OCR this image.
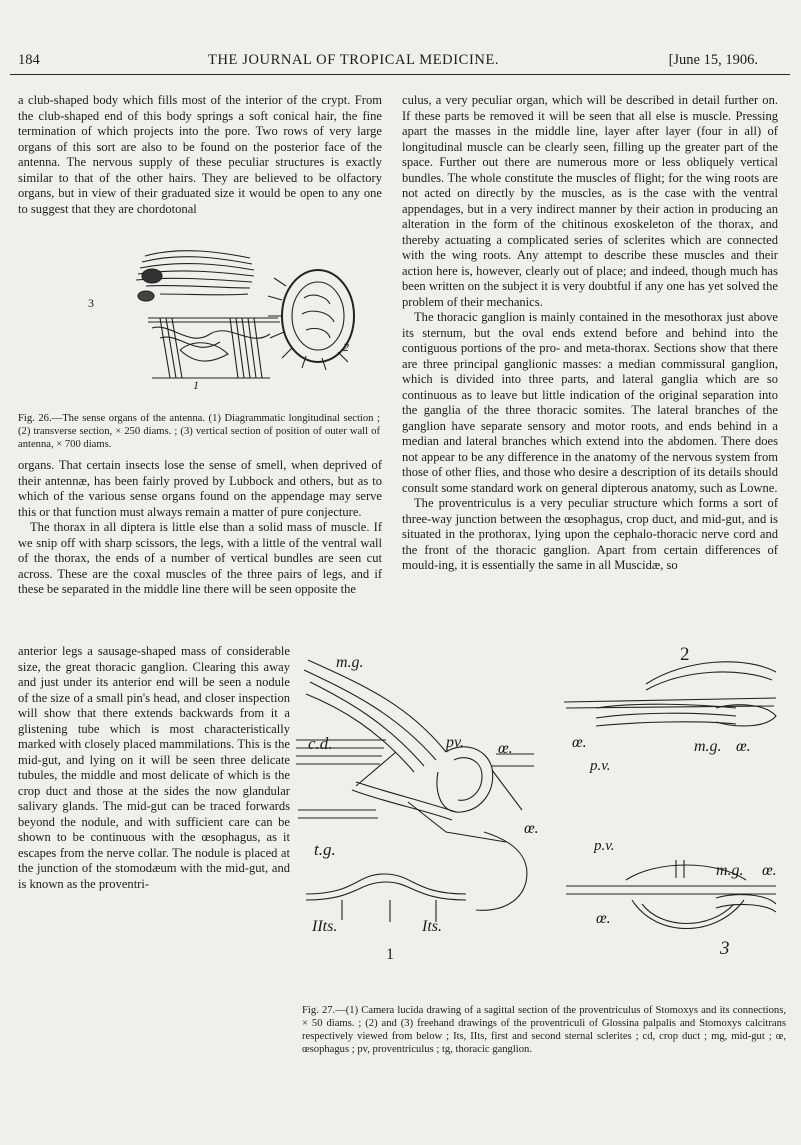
184	THE JOURNAL OF TROPICAL MEDICINE.	[June 15, 1906.

a club-shaped body which fills most of the interior of the crypt. From the club-shaped end of this body springs a soft conical hair, the fine termination of which projects into the pore. Two rows of very large organs of this sort are also to be found on the posterior face of the antenna. The nervous supply of these peculiar structures is exactly similar to that of the other hairs. They are believed to be olfactory organs, but in view of their graduated size it would be open to any one to suggest that they are chordotonal

3
1
2

Fig. 26.—The sense organs of the antenna. (1) Diagrammatic longitudinal section ; (2) transverse section, × 250 diams. ; (3) vertical section of position of outer wall of antenna, × 700 diams.

organs. That certain insects lose the sense of smell, when deprived of their antennæ, has been fairly proved by Lubbock and others, but as to which of the various sense organs found on the appendage may serve this or that function must always remain a matter of pure conjecture.

The thorax in all diptera is little else than a solid mass of muscle. If we snip off with sharp scissors, the legs, with a little of the ventral wall of the thorax, the ends of a number of vertical bundles are seen cut across. These are the coxal muscles of the three pairs of legs, and if these be separated in the middle line there will be seen opposite the

anterior legs a sausage-shaped mass of considerable size, the great thoracic ganglion. Clearing this away and just under its anterior end will be seen a nodule of the size of a small pin's head, and closer inspection will show that there extends backwards from it a glistening tube which is most characteristically marked with closely placed mammilations. This is the mid-gut, and lying on it will be seen three delicate tubules, the middle and most delicate of which is the crop duct and those at the sides the now glandular salivary glands. The mid-gut can be traced forwards beyond the nodule, and with sufficient care can be shown to be continuous with the œsophagus, as it escapes from the nerve collar. The nodule is placed at the junction of the stomodæum with the mid-gut, and is known as the proventri-

culus, a very peculiar organ, which will be described in detail further on. If these parts be removed it will be seen that all else is muscle. Pressing apart the masses in the middle line, layer after layer (four in all) of longitudinal muscle can be clearly seen, filling up the greater part of the space. Further out there are numerous more or less obliquely vertical bundles. The whole constitute the muscles of flight; for the wing roots are not acted on directly by the muscles, as is the case with the ventral appendages, but in a very indirect manner by their action in producing an alteration in the form of the chitinous exoskeleton of the thorax, and thereby actuating a complicated series of sclerites which are connected with the wing roots. Any attempt to describe these muscles and their action here is, however, clearly out of place; and indeed, though much has been written on the subject it is very doubtful if any one has yet solved the problem of their mechanics.

The thoracic ganglion is mainly contained in the mesothorax just above its sternum, but the oval ends extend before and behind into the contiguous portions of the pro- and meta-thorax. Sections show that there are three principal ganglionic masses: a median commissural ganglion, which is divided into three parts, and lateral ganglia which are so continuous as to leave but little indication of the original separation into the ganglia of the three thoracic somites. The lateral branches of the ganglion have separate sensory and motor roots, and ends behind in a median and lateral branches which extend into the abdomen. There does not appear to be any difference in the anatomy of the nervous system from those of other flies, and those who desire a description of its details should consult some standard work on general dipterous anatomy, such as Lowne.

The proventriculus is a very peculiar structure which forms a sort of three-way junction between the œsophagus, crop duct, and mid-gut, and is situated in the prothorax, lying upon the cephalo-thoracic nerve cord and the front of the thoracic ganglion. Apart from certain differences of mould-ing, it is essentially the same in all Muscidæ, so

m.g.
c.d.	pv. œ.
t.g.
œ.
IIts.	Its.
1
2
œ.	m.g. œ.
p.v.
p.v.
m.g. œ.
œ.
3

Fig. 27.—(1) Camera lucida drawing of a sagittal section of the proventriculus of Stomoxys and its connections, × 50 diams. ; (2) and (3) freehand drawings of the proventriculi of Glossina palpalis and Stomoxys calcitrans respectively viewed from below ; Its, IIts, first and second sternal sclerites ; cd, crop duct ; mg, mid-gut ; œ, œsophagus ; pv, proventriculus ; tg, thoracic ganglion.
